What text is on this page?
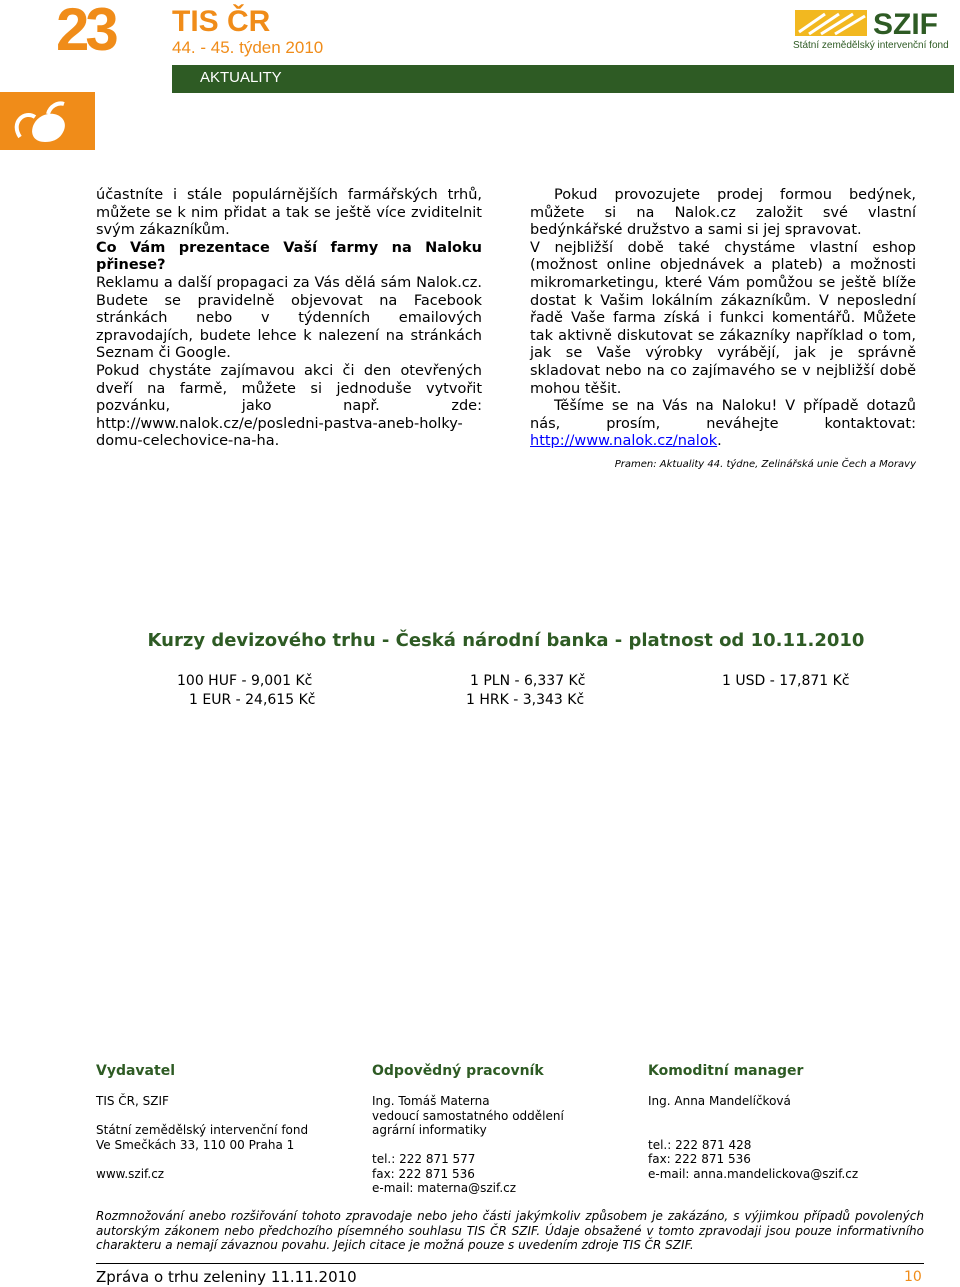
23 TIS ČR
44. - 45. týden 2010
AKTUALITY
SZIF
Státní zemědělský intervenční fond
účastníte i stále populárnějších farmářských trhů, můžete se k nim přidat a tak se ještě více zviditelnit svým zákazníkům.
Co Vám prezentace Vaší farmy na Naloku přinese?
Reklamu a další propagaci za Vás dělá sám Nalok.cz. Budete se pravidelně objevovat na Facebook stránkách nebo v týdenních emailových zpravodajích, budete lehce k nalezení na stránkách Seznam či Google.
Pokud chystáte zajímavou akci či den otevřených dveří na farmě, můžete si jednoduše vytvořit pozvánku, jako např. zde: http://www.nalok.cz/e/posledni-pastva-aneb-holky-domu-celechovice-na-ha.
Pokud provozujete prodej formou bedýnek, můžete si na Nalok.cz založit své vlastní bedýnkářské družstvo a sami si jej spravovat.
V nejbližší době také chystáme vlastní eshop (možnost online objednávek a plateb) a možnosti mikromarketingu, které Vám pomůžou se ještě blíže dostat k Vašim lokálním zákazníkům. V neposlední řadě Vaše farma získá i funkci komentářů. Můžete tak aktivně diskutovat se zákazníky například o tom, jak se Vaše výrobky vyrábějí, jak je správně skladovat nebo na co zajímavého se v nejbližší době mohou těšit.
Těšíme se na Vás na Naloku! V případě dotazů nás, prosím, neváhejte kontaktovat: http://www.nalok.cz/nalok.
Pramen: Aktuality 44. týdne, Zelinářská unie Čech a Moravy
Kurzy devizového trhu - Česká národní banka - platnost od 10.11.2010
100 HUF - 9,001 Kč	1 PLN - 6,337 Kč	1 USD - 17,871 Kč
1 EUR - 24,615 Kč	1 HRK - 3,343 Kč
Vydavatel
TIS ČR, SZIF
Státní zemědělský intervenční fond
Ve Smečkách 33, 110 00 Praha 1
www.szif.cz
Odpovědný pracovník
Ing. Tomáš Materna
vedoucí samostatného oddělení
agrární informatiky
tel.: 222 871 577
fax: 222 871 536
e-mail: materna@szif.cz
Komoditní manager
Ing. Anna Mandelíčková
tel.: 222 871 428
fax: 222 871 536
e-mail: anna.mandelickova@szif.cz
Rozmnožování anebo rozšiřování tohoto zpravodaje nebo jeho části jakýmkoliv způsobem je zakázáno, s výjimkou případů povolených autorským zákonem nebo předchozího písemného souhlasu TIS ČR SZIF. Údaje obsažené v tomto zpravodaji jsou pouze informativního charakteru a nemají závaznou povahu. Jejich citace je možná pouze s uvedením zdroje TIS ČR SZIF.
Zpráva o trhu zeleniny 11.11.2010	10
